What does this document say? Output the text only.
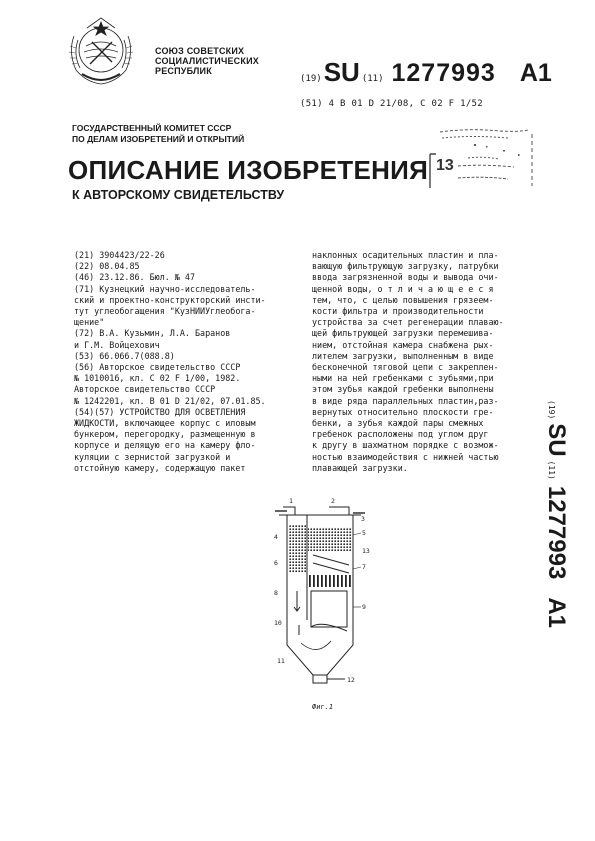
СОЮЗ СОВЕТСКИХ
СОЦИАЛИСТИЧЕСКИХ
РЕСПУБЛИК
(19) SU (11) 1277993 A1
(51) 4 В 01 D 21/08, C 02 F 1/52
ГОСУДАРСТВЕННЫЙ КОМИТЕТ СССР
ПО ДЕЛАМ ИЗОБРЕТЕНИЙ И ОТКРЫТИЙ
13
ОПИСАНИЕ ИЗОБРЕТЕНИЯ
К АВТОРСКОМУ СВИДЕТЕЛЬСТВУ
(21) 3904423/22-26
(22) 08.04.85
(46) 23.12.86. Бюл. № 47
(71) Кузнецкий научно-исследователь-
ский и проектно-конструкторский инсти-
тут углеобогащения "КузНИИУглеобога-
щение"
(72) В.А. Кузьмин, Л.А. Баранов
и Г.М. Войцехович
(53) 66.066.7(088.8)
(56) Авторское свидетельство СССР
№ 1010016, кл. С 02 F 1/00, 1982.
Авторское свидетельство СССР
№ 1242201, кл. В 01 D 21/02, 07.01.85.
(54)(57) УСТРОЙСТВО ДЛЯ ОСВЕТЛЕНИЯ
ЖИДКОСТИ, включающее корпус с иловым
бункером, перегородку, размещенную в
корпусе и делящую его на камеру фло-
куляции с зернистой загрузкой и
отстойную камеру, содержащую пакет
наклонных осадительных пластин и пла-
вающую фильтрующую загрузку, патрубки
ввода загрязненной воды и вывода очи-
щенной воды, о т л и ч а ю щ е е с я
тем, что, с целью повышения грязеем-
кости фильтра и производительности
устройства за счет регенерации плаваю-
щей фильтрующей загрузки перемешива-
нием, отстойная камера снабжена рых-
лителем загрузки, выполненным в виде
бесконечной тяговой цепи с закреплен-
ными на ней гребенками с зубьями,при
этом зубья каждой гребенки выполнены
в виде ряда параллельных пластин,раз-
вернутых относительно плоскости гре-
бенки, а зубья каждой пары смежных
гребенок расположены под углом друг
к другу в шахматном порядке с возмож-
ностью взаимодействия с нижней частью
плавающей загрузки.
(19)
SU
(11)
1277993
A1
1	2
3
4	5
6	7
8
9
10
11
12
13
Фиг.1
